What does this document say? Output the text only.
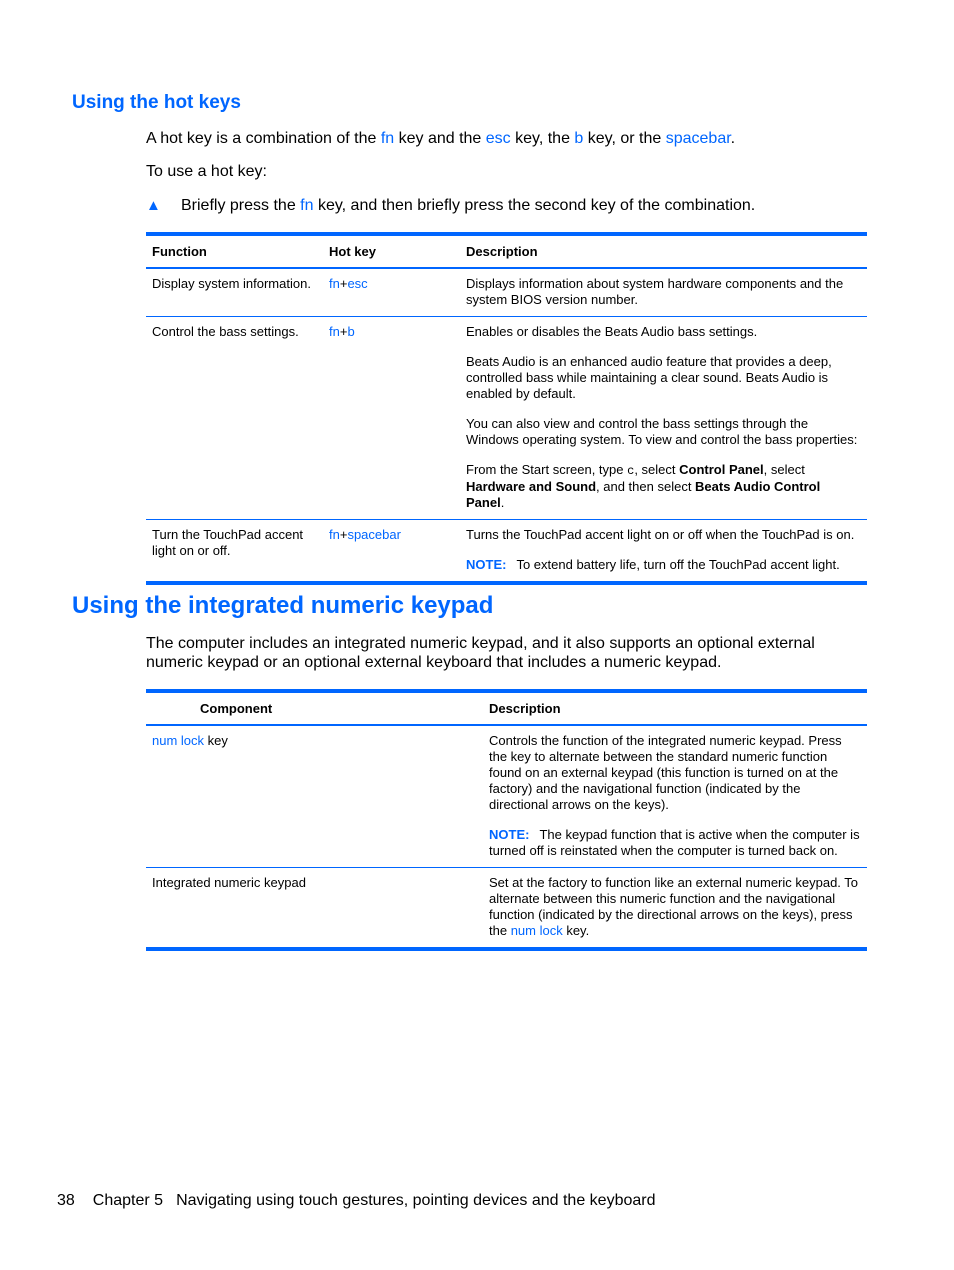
Using the hot keys

A hot key is a combination of the fn key and the esc key, the b key, or the spacebar.

To use a hot key:

▲ Briefly press the fn key, and then briefly press the second key of the combination.
Function	Hot key	Description
Display system information.	fn+esc	Displays information about system hardware components and the system BIOS version number.
Control the bass settings.	fn+b	Enables or disables the Beats Audio bass settings.

Beats Audio is an enhanced audio feature that provides a deep, controlled bass while maintaining a clear sound. Beats Audio is enabled by default.

You can also view and control the bass settings through the Windows operating system. To view and control the bass properties:

From the Start screen, type c, select Control Panel, select Hardware and Sound, and then select Beats Audio Control Panel.

Turn the TouchPad accent light on or off.	fn+spacebar	Turns the TouchPad accent light on or off when the TouchPad is on.

NOTE: To extend battery life, turn off the TouchPad accent light.

Using the integrated numeric keypad

The computer includes an integrated numeric keypad, and it also supports an optional external numeric keypad or an optional external keyboard that includes a numeric keypad.

Component	Description
num lock key	Controls the function of the integrated numeric keypad. Press the key to alternate between the standard numeric function found on an external keypad (this function is turned on at the factory) and the navigational function (indicated by the directional arrows on the keys).

NOTE: The keypad function that is active when the computer is turned off is reinstated when the computer is turned back on.

Integrated numeric keypad	Set at the factory to function like an external numeric keypad. To alternate between this numeric function and the navigational function (indicated by the directional arrows on the keys), press the num lock key.
38 Chapter 5 Navigating using touch gestures, pointing devices and the keyboard
